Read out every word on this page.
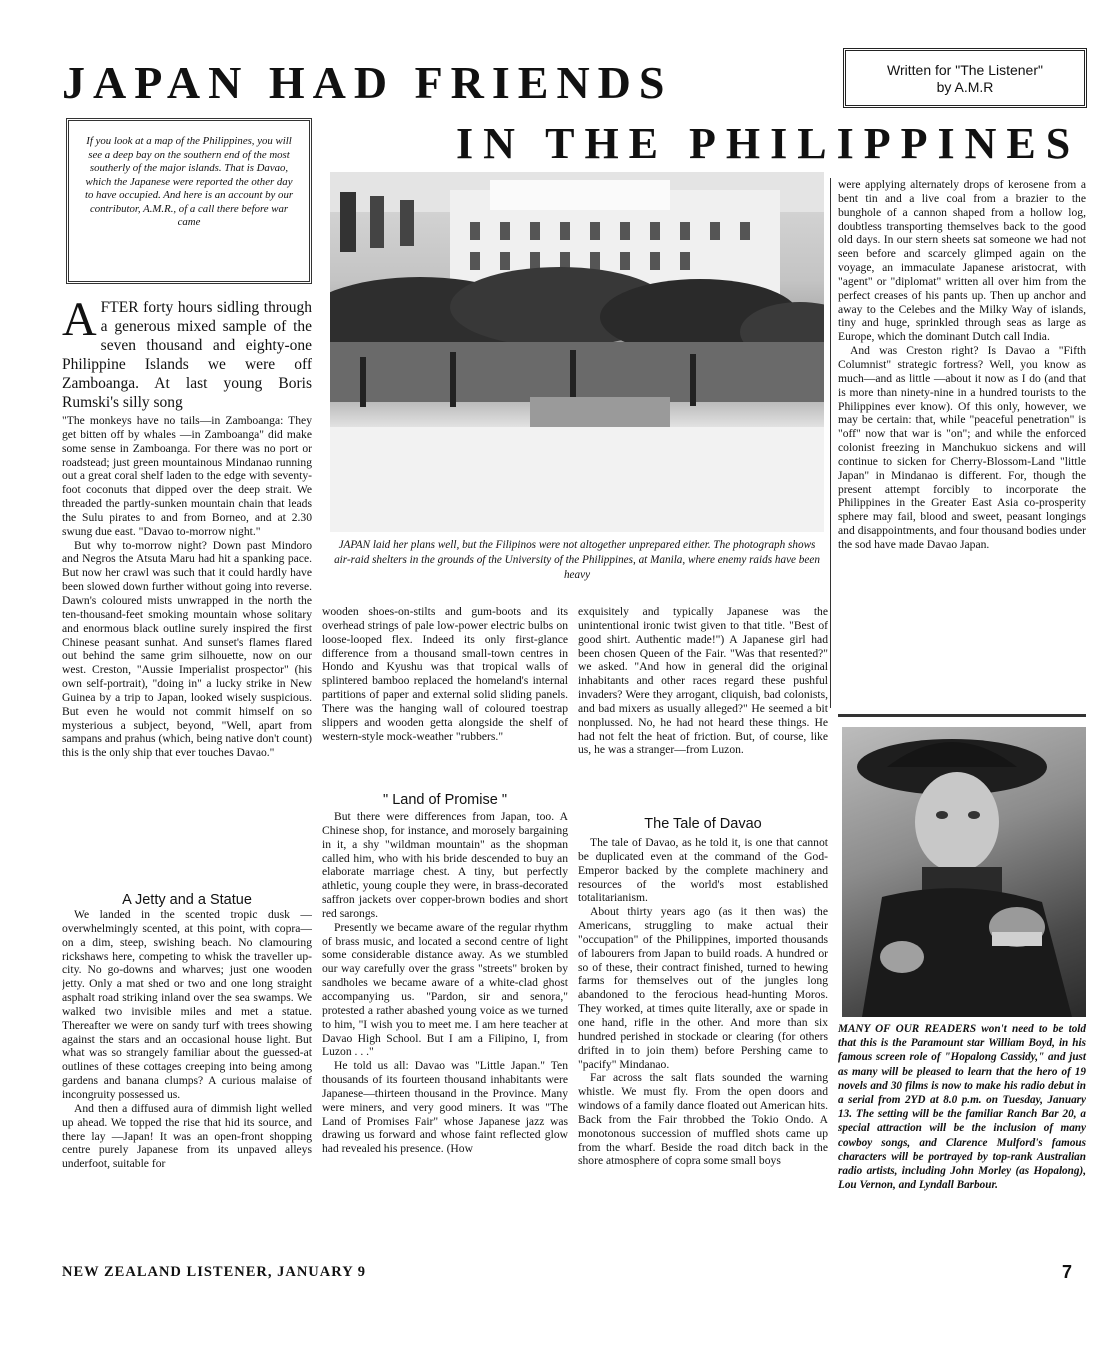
JAPAN HAD FRIENDS
IN THE PHILIPPINES
Written for "The Listener"
by A.M.R
If you look at a map of the Philippines, you will see a deep bay on the southern end of the most southerly of the major islands. That is Davao, which the Japanese were reported the other day to have occupied. And here is an account by our contributor, A.M.R., of a call there before war came
JAPAN laid her plans well, but the Filipinos were not altogether unprepared either. The photograph shows air-raid shelters in the grounds of the University of the Philippines, at Manila, where enemy raids have been heavy
AFTER forty hours sidling through a generous mixed sample of the seven thousand and eighty-one Philippine Islands we were off Zamboanga. At last young Boris Rumski's silly song

"The monkeys have no tails—in Zamboanga: They get bitten off by whales —in Zamboanga" did make some sense in Zamboanga. For there was no port or roadstead; just green mountainous Mindanao running out a great coral shelf laden to the edge with seventy-foot coconuts that dipped over the deep strait. We threaded the partly-sunken mountain chain that leads the Sulu pirates to and from Borneo, and at 2.30 swung due east. "Davao to-morrow night."

But why to-morrow night? Down past Mindoro and Negros the Atsuta Maru had hit a spanking pace. But now her crawl was such that it could hardly have been slowed down further without going into reverse. Dawn's coloured mists unwrapped in the north the ten-thousand-feet smoking mountain whose solitary and enormous black outline surely inspired the first Chinese peasant sunhat. And sunset's flames flared out behind the same grim silhouette, now on our west. Creston, "Aussie Imperialist prospector" (his own self-portrait), "doing in" a lucky strike in New Guinea by a trip to Japan, looked wisely suspicious. But even he would not commit himself on so mysterious a subject, beyond, "Well, apart from sampans and prahus (which, being native don't count) this is the only ship that ever touches Davao."

A Jetty and a Statue

We landed in the scented tropic dusk —overwhelmingly scented, at this point, with copra—on a dim, steep, swishing beach. No clamouring rickshaws here, competing to whisk the traveller up-city. No go-downs and wharves; just one wooden jetty. Only a mat shed or two and one long straight asphalt road striking inland over the sea swamps. We walked two invisible miles and met a statue. Thereafter we were on sandy turf with trees showing against the stars and an occasional house light. But what was so strangely familiar about the guessed-at outlines of these cottages creeping into being among gardens and banana clumps? A curious malaise of incongruity possessed us.

And then a diffused aura of dimmish light welled up ahead. We topped the rise that hid its source, and there lay —Japan! It was an open-front shopping centre purely Japanese from its unpaved alleys underfoot, suitable for

wooden shoes-on-stilts and gum-boots and its overhead strings of pale low-power electric bulbs on loose-looped flex. Indeed its only first-glance difference from a thousand small-town centres in Hondo and Kyushu was that tropical walls of splintered bamboo replaced the homeland's internal partitions of paper and external solid sliding panels. There was the hanging wall of coloured toestrap slippers and wooden getta alongside the shelf of western-style mock-weather "rubbers."

" Land of Promise "

But there were differences from Japan, too. A Chinese shop, for instance, and morosely bargaining in it, a shy "wildman mountain" as the shopman called him, who with his bride descended to buy an elaborate marriage chest. A tiny, but perfectly athletic, young couple they were, in brass-decorated saffron jackets over copper-brown bodies and short red sarongs.

Presently we became aware of the regular rhythm of brass music, and located a second centre of light some considerable distance away. As we stumbled our way carefully over the grass "streets" broken by sandholes we became aware of a white-clad ghost accompanying us. "Pardon, sir and senora," protested a rather abashed young voice as we turned to him, "I wish you to meet me. I am here teacher at Davao High School. But I am a Filipino, I, from Luzon . . ."

He told us all: Davao was "Little Japan." Ten thousands of its fourteen thousand inhabitants were Japanese—thirteen thousand in the Province. Many were miners, and very good miners. It was "The Land of Promises Fair" whose Japanese jazz was drawing us forward and whose faint reflected glow had revealed his presence. (How

exquisitely and typically Japanese was the unintentional ironic twist given to that title. "Best of good shirt. Authentic made!") A Japanese girl had been chosen Queen of the Fair. "Was that resented?" we asked. "And how in general did the original inhabitants and other races regard these pushful invaders? Were they arrogant, cliquish, bad colonists, and bad mixers as usually alleged?" He seemed a bit nonplussed. No, he had not heard these things. He had not felt the heat of friction. But, of course, like us, he was a stranger—from Luzon.

The Tale of Davao

The tale of Davao, as he told it, is one that cannot be duplicated even at the command of the God-Emperor backed by the complete machinery and resources of the world's most established totalitarianism.

About thirty years ago (as it then was) the Americans, struggling to make actual their "occupation" of the Philippines, imported thousands of labourers from Japan to build roads. A hundred or so of these, their contract finished, turned to hewing farms for themselves out of the jungles long abandoned to the ferocious head-hunting Moros. They worked, at times quite literally, axe or spade in one hand, rifle in the other. And more than six hundred perished in stockade or clearing (for others drifted in to join them) before Pershing came to "pacify" Mindanao.

Far across the salt flats sounded the warning whistle. We must fly. From the open doors and windows of a family dance floated out American hits. Back from the Fair throbbed the Tokio Ondo. A monotonous succession of muffled shots came up from the wharf. Beside the road ditch back in the shore atmosphere of copra some small boys

were applying alternately drops of kerosene from a bent tin and a live coal from a brazier to the bunghole of a cannon shaped from a hollow log, doubtless transporting themselves back to the good old days. In our stern sheets sat someone we had not seen before and scarcely glimped again on the voyage, an immaculate Japanese aristocrat, with "agent" or "diplomat" written all over him from the perfect creases of his pants up. Then up anchor and away to the Celebes and the Milky Way of islands, tiny and huge, sprinkled through seas as large as Europe, which the dominant Dutch call India.

And was Creston right? Is Davao a "Fifth Columnist" strategic fortress? Well, you know as much—and as little —about it now as I do (and that is more than ninety-nine in a hundred tourists to the Philippines ever know). Of this only, however, we may be certain: that, while "peaceful penetration" is "off" now that war is "on"; and while the enforced colonist freezing in Manchukuo sickens and will continue to sicken for Cherry-Blossom-Land "little Japan" in Mindanao is different. For, though the present attempt forcibly to incorporate the Philippines in the Greater East Asia co-prosperity sphere may fail, blood and sweet, peasant longings and disappointments, and four thousand bodies under the sod have made Davao Japan.

MANY OF OUR READERS won't need to be told that this is the Paramount star William Boyd, in his famous screen role of "Hopalong Cassidy," and just as many will be pleased to learn that the hero of 19 novels and 30 films is now to make his radio debut in a serial from 2YD at 8.0 p.m. on Tuesday, January 13. The setting will be the familiar Ranch Bar 20, a special attraction will be the inclusion of many cowboy songs, and Clarence Mulford's famous characters will be portrayed by top-rank Australian radio artists, including John Morley (as Hopalong), Lou Vernon, and Lyndall Barbour.
NEW ZEALAND LISTENER, JANUARY 9	7
